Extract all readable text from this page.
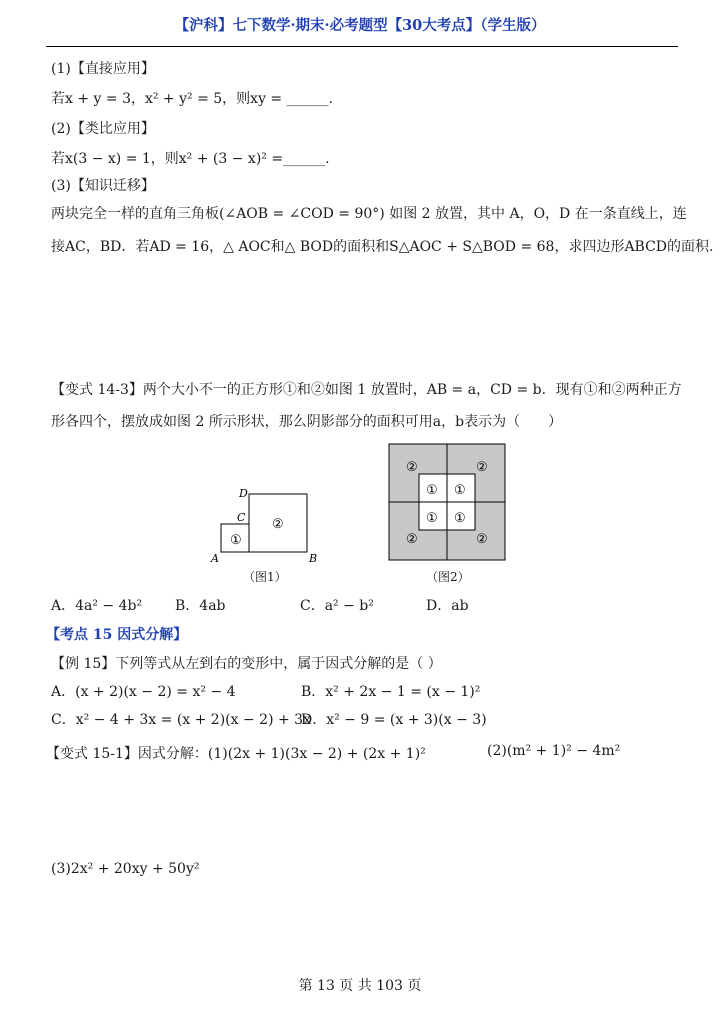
【沪科】七下数学·期末·必考题型【30大考点】（学生版）
(1)【直接应用】
若x + y = 3，x² + y² = 5，则xy = ______.
(2)【类比应用】
若x(3 − x) = 1，则x² + (3 − x)² =______.
(3)【知识迁移】
两块完全一样的直角三角板(∠AOB = ∠COD = 90°) 如图 2 放置，其中 A，O，D 在一条直线上，连
接AC，BD．若AD = 16，△ AOC和△ BOD的面积和S△AOC + S△BOD = 68，求四边形ABCD的面积.
【变式 14-3】两个大小不一的正方形①和②如图 1 放置时，AB = a，CD = b．现有①和②两种正方
形各四个，摆放成如图 2 所示形状，那么阴影部分的面积可用a，b表示为（　　）
①
②
A	B
C
D
（图1）
②	②
②	②
① ①
① ①
（图2）
A．4a² − 4b² B．4ab	C．a² − b²	D．ab
【考点 15 因式分解】
【例 15】下列等式从左到右的变形中，属于因式分解的是（ ）
A．(x + 2)(x − 2) = x² − 4	B．x² + 2x − 1 = (x − 1)²
C．x² − 4 + 3x = (x + 2)(x − 2) + 3x
D．x² − 9 = (x + 3)(x − 3)
【变式 15-1】因式分解：(1)(2x + 1)(3x − 2) + (2x + 1)²	(2)(m² + 1)² − 4m²
(3)2x² + 20xy + 50y²
第 13 页 共 103 页
